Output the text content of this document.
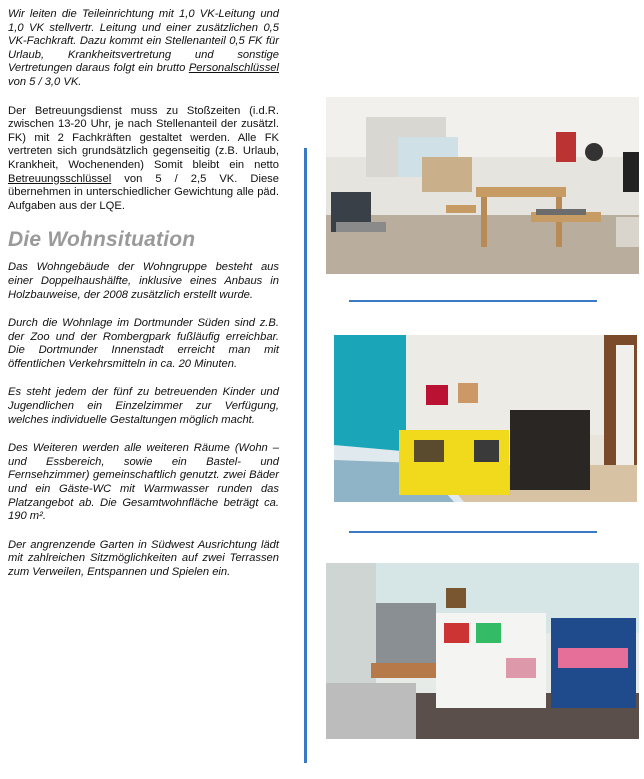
Wir leiten die Teileinrichtung mit 1,0 VK-Leitung und 1,0 VK stellvertr. Leitung und einer zusätzlichen 0,5 VK-Fachkraft. Dazu kommt ein Stellenanteil 0,5 FK für Urlaub, Krankheitsvertretung und sonstige Vertretungen daraus folgt ein brutto Personalschlüssel von 5 / 3,0 VK.

Der Betreuungsdienst muss zu Stoßzeiten (i.d.R. zwischen 13-20 Uhr, je nach Stellenanteil der zusätzl. FK) mit 2 Fachkräften gestaltet werden. Alle FK vertreten sich grundsätzlich gegenseitig (z.B. Urlaub, Krankheit, Wochenenden) Somit bleibt ein netto Betreuungsschlüssel von 5 / 2,5 VK. Diese übernehmen in unterschiedlicher Gewichtung alle päd. Aufgaben aus der LQE.

Die Wohnsituation

Das Wohngebäude der Wohngruppe besteht aus einer Doppelhaushälfte, inklusive eines Anbaus in Holzbauweise, der 2008 zusätzlich erstellt wurde.

Durch die Wohnlage im Dortmunder Süden sind z.B. der Zoo und der Rombergpark fußläufig erreichbar. Die Dortmunder Innenstadt erreicht man mit öffentlichen Verkehrsmitteln in ca. 20 Minuten.

Es steht jedem der fünf zu betreuenden Kinder und Jugendlichen ein Einzelzimmer zur Verfügung, welches individuelle Gestaltungen möglich macht.

Des Weiteren werden alle weiteren Räume (Wohn – und Essbereich, sowie ein Bastel- und Fernsehzimmer) gemeinschaftlich genutzt. zwei Bäder und ein Gäste-WC mit Warmwasser runden das Platzangebot ab. Die Gesamtwohnfläche beträgt ca. 190 m².

Der angrenzende Garten in Südwest Ausrichtung lädt mit zahlreichen Sitzmöglichkeiten auf zwei Terrassen zum Verweilen, Entspannen und Spielen ein.
